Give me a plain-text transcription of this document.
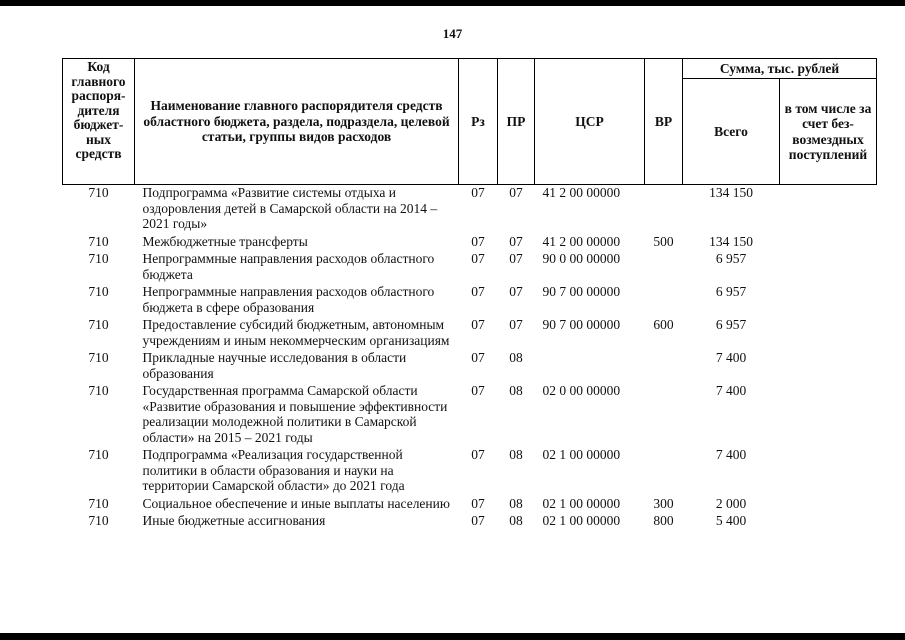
147
Код главного распоря-дителя бюджет-ных средств	Наименование главного распорядителя средств областного бюджета, раздела, подраздела, целевой статьи, группы видов расходов	Рз	ПР	ЦСР	ВР	Сумма, тыс. рублей	
						Всего	в том числе за счет без-возмездных поступлений
710	Подпрограмма «Развитие системы отдыха и оздоровления детей в Самарской области на 2014 – 2021 годы»	07	07	41 2 00 00000		134 150	
710	Межбюджетные трансферты	07	07	41 2 00 00000	500	134 150	
710	Непрограммные направления расходов областного бюджета	07	07	90 0 00 00000		6 957	
710	Непрограммные направления расходов областного бюджета в сфере образования	07	07	90 7 00 00000		6 957	
710	Предоставление субсидий бюджетным, автономным учреждениям и иным некоммерческим организациям	07	07	90 7 00 00000	600	6 957	
710	Прикладные научные исследования в области образования	07	08			7 400	
710	Государственная программа Самарской области «Развитие образования и повышение эффективности реализации молодежной политики в Самарской области» на 2015 – 2021 годы	07	08	02 0 00 00000		7 400	
710	Подпрограмма «Реализация государственной политики в области образования и науки на территории Самарской области» до 2021 года	07	08	02 1 00 00000		7 400	
710	Социальное обеспечение и иные выплаты населению	07	08	02 1 00 00000	300	2 000	
710	Иные бюджетные ассигнования	07	08	02 1 00 00000	800	5 400	
